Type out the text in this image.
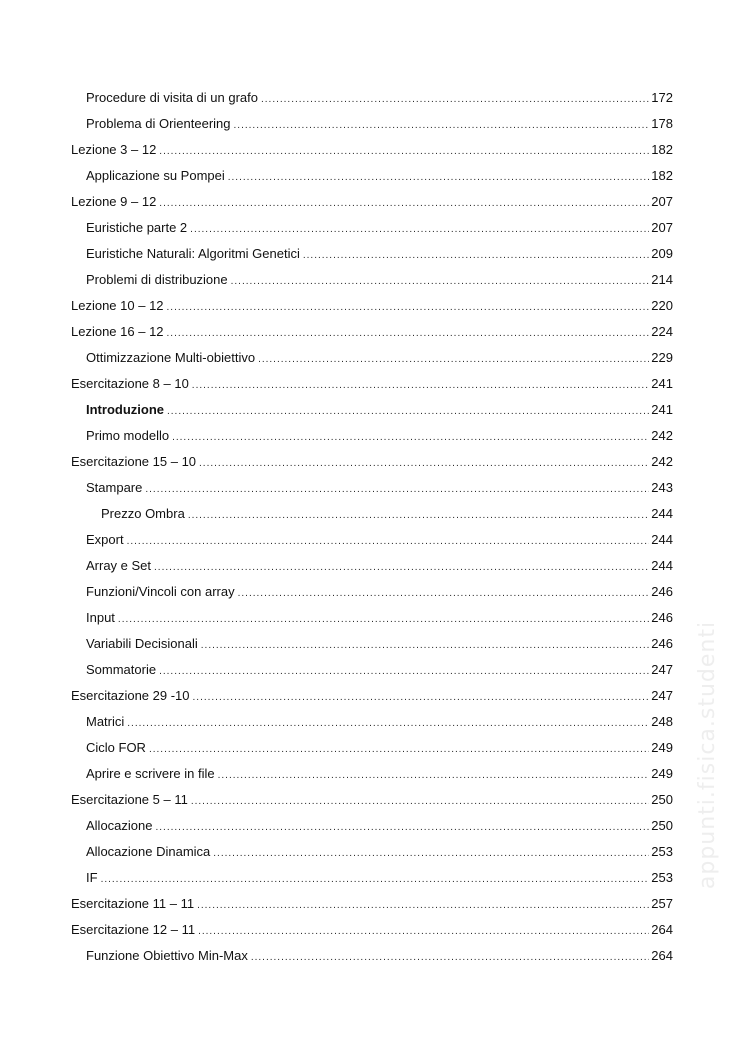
Procedure di visita di un grafo .....	172
Problema di Orienteering .....	178
Lezione 3 – 12 .....	182
Applicazione su Pompei .....	182
Lezione 9 – 12 .....	207
Euristiche parte 2 .....	207
Euristiche Naturali: Algoritmi Genetici .....	209
Problemi di distribuzione .....	214
Lezione 10 – 12 .....	220
Lezione 16 – 12 .....	224
Ottimizzazione Multi-obiettivo .....	229
Esercitazione 8 – 10 .....	241
Introduzione .....	241
Primo modello .....	242
Esercitazione 15 – 10 .....	242
Stampare .....	243
Prezzo Ombra .....	244
Export .....	244
Array e Set .....	244
Funzioni/Vincoli con array .....	246
Input .....	246
Variabili Decisionali .....	246
Sommatorie .....	247
Esercitazione 29 -10 .....	247
Matrici .....	248
Ciclo FOR .....	249
Aprire e scrivere in file .....	249
Esercitazione 5 – 11 .....	250
Allocazione .....	250
Allocazione Dinamica .....	253
IF .....	253
Esercitazione 11 – 11 .....	257
Esercitazione 12 – 11 .....	264
Funzione Obiettivo Min-Max .....	264
appunti.fisica.studenti
